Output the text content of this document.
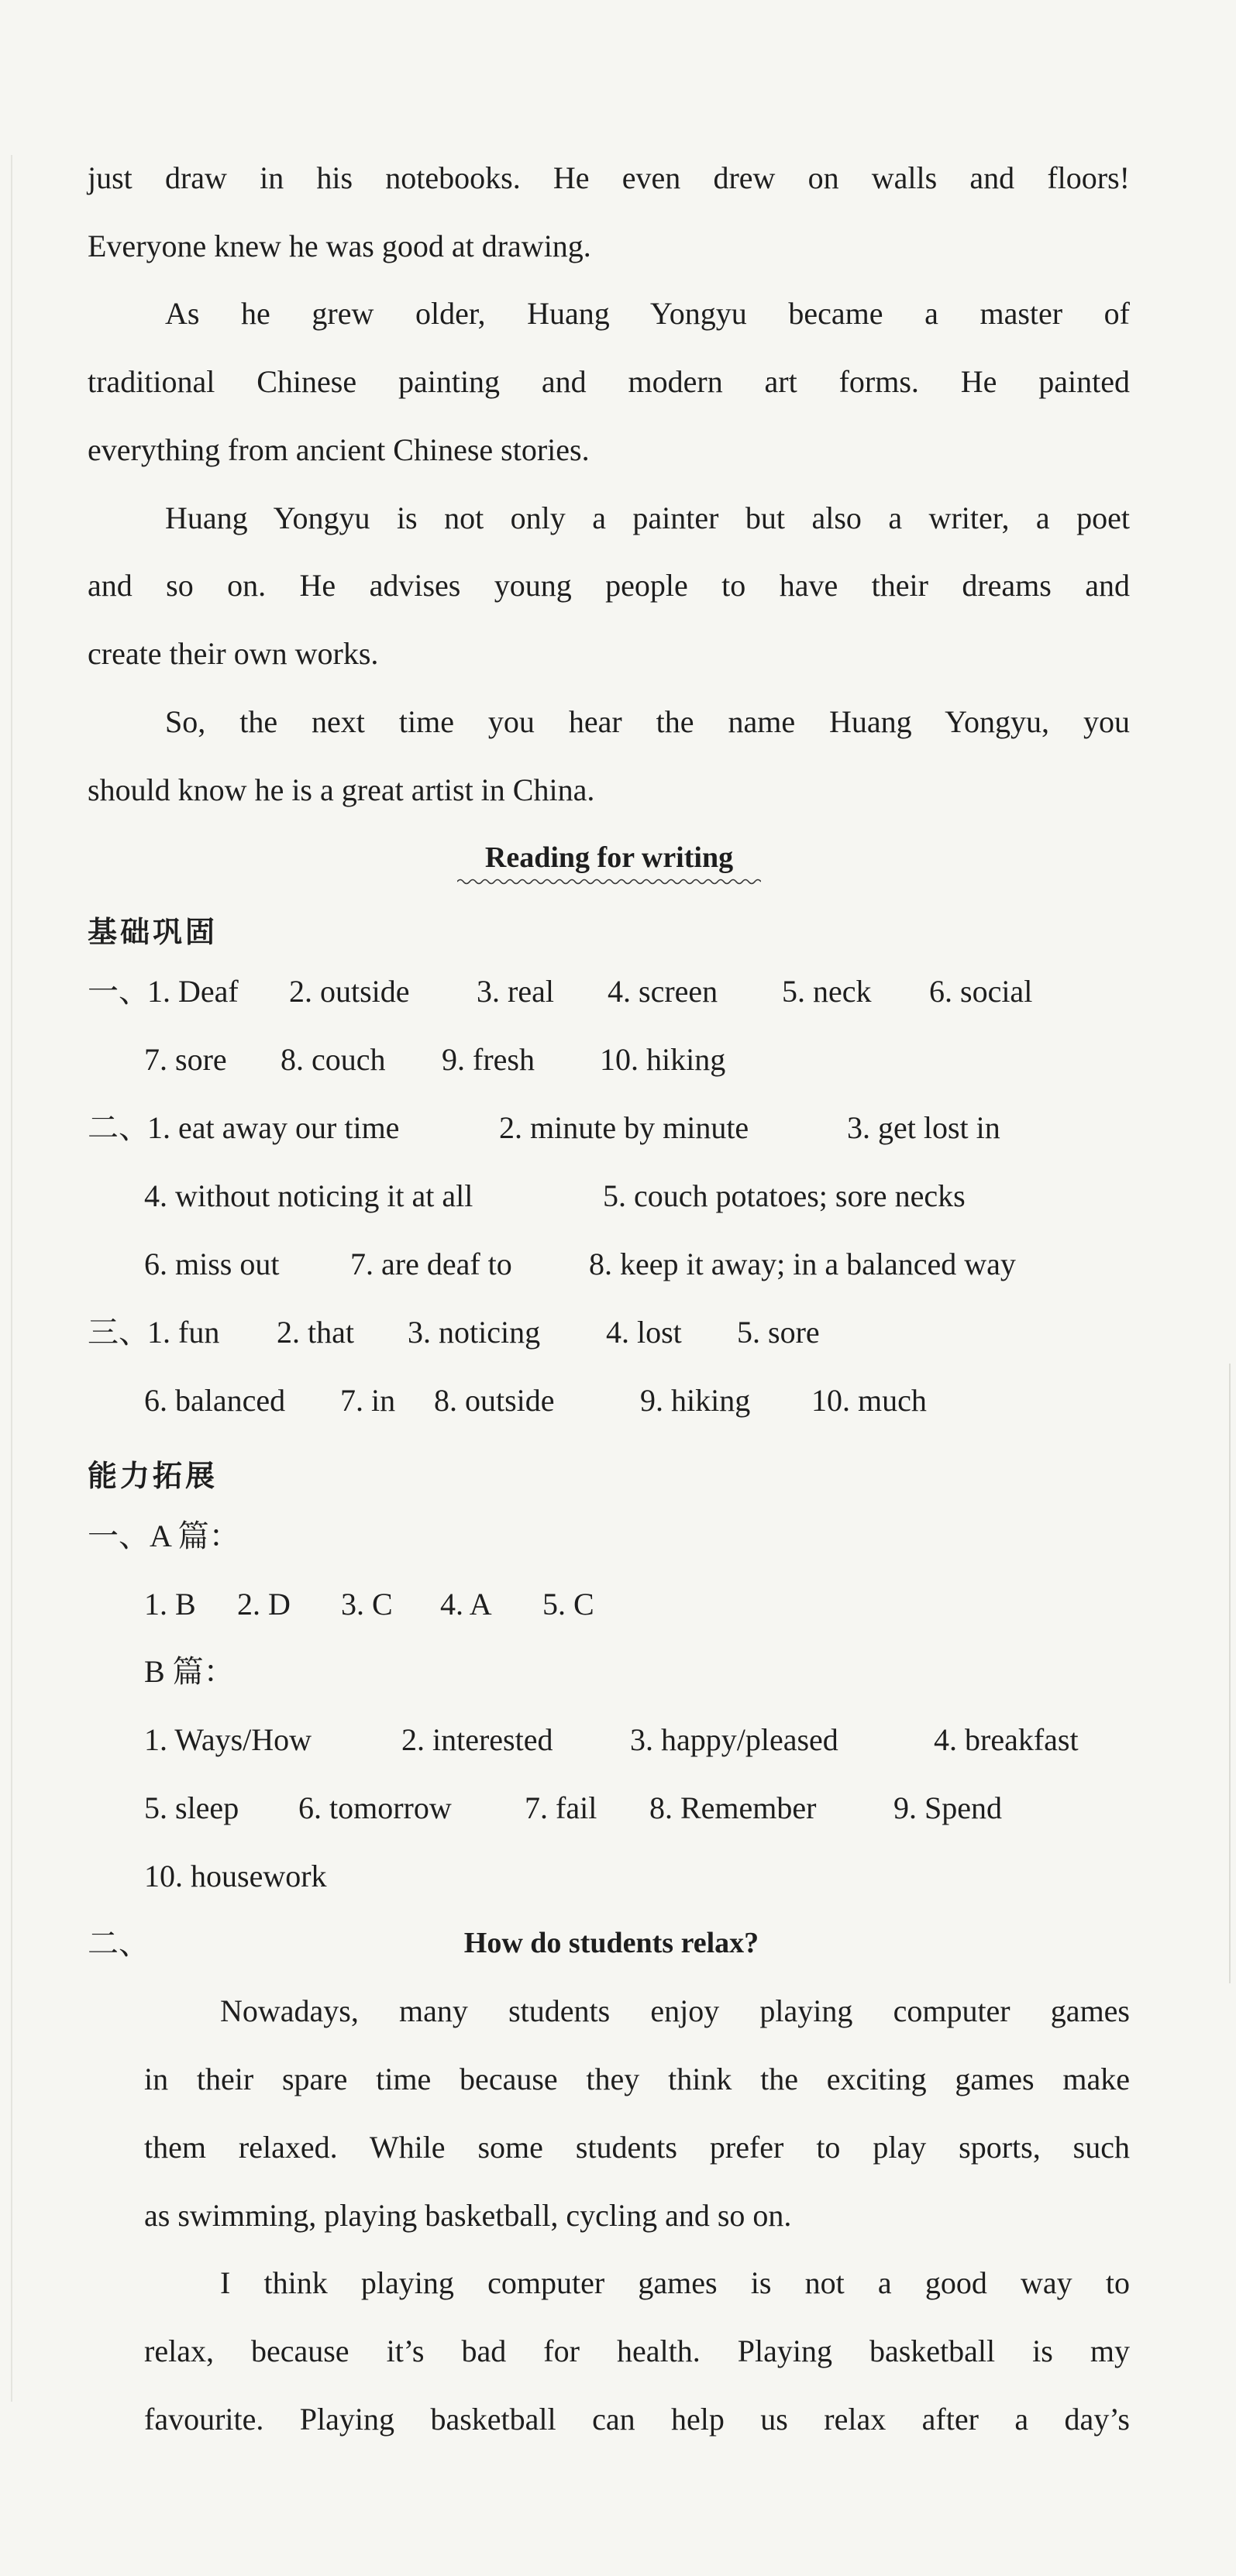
just draw in his notebooks. He even drew on walls and floors!
Everyone knew he was good at drawing.
As he grew older, Huang Yongyu became a master of
traditional Chinese painting and modern art forms. He painted
everything from ancient Chinese stories.
Huang Yongyu is not only a painter but also a writer, a poet
and so on. He advises young people to have their dreams and
create their own works.
So, the next time you hear the name Huang Yongyu, you
should know he is a great artist in China.
Reading for writing
基础巩固
一、
1. Deaf 2. outside 3. real 4. screen 5. neck 6. social
7. sore 8. couch 9. fresh 10. hiking
二、
1. eat away our time	2. minute by minute	3. get lost in
4. without noticing it at all	5. couch potatoes; sore necks
6. miss out 7. are deaf to 8. keep it away; in a balanced way
三、
1. fun 2. that 3. noticing 4. lost 5. sore
6. balanced 7. in 8. outside	9. hiking 10. much
能力拓展
一、A 篇：
1. B 2. D 3. C 4. A 5. C
B 篇：
1. Ways/How	2. interested 3. happy/pleased	4. breakfast
5. sleep 6. tomorrow 7. fail 8. Remember 9. Spend
10. housework
二、	How do students relax?
Nowadays, many students enjoy playing computer games
in their spare time because they think the exciting games make
them relaxed. While some students prefer to play sports, such
as swimming, playing basketball, cycling and so on.
I think playing computer games is not a good way to
relax, because it’s bad for health. Playing basketball is my
favourite. Playing basketball can help us relax after a day’s
